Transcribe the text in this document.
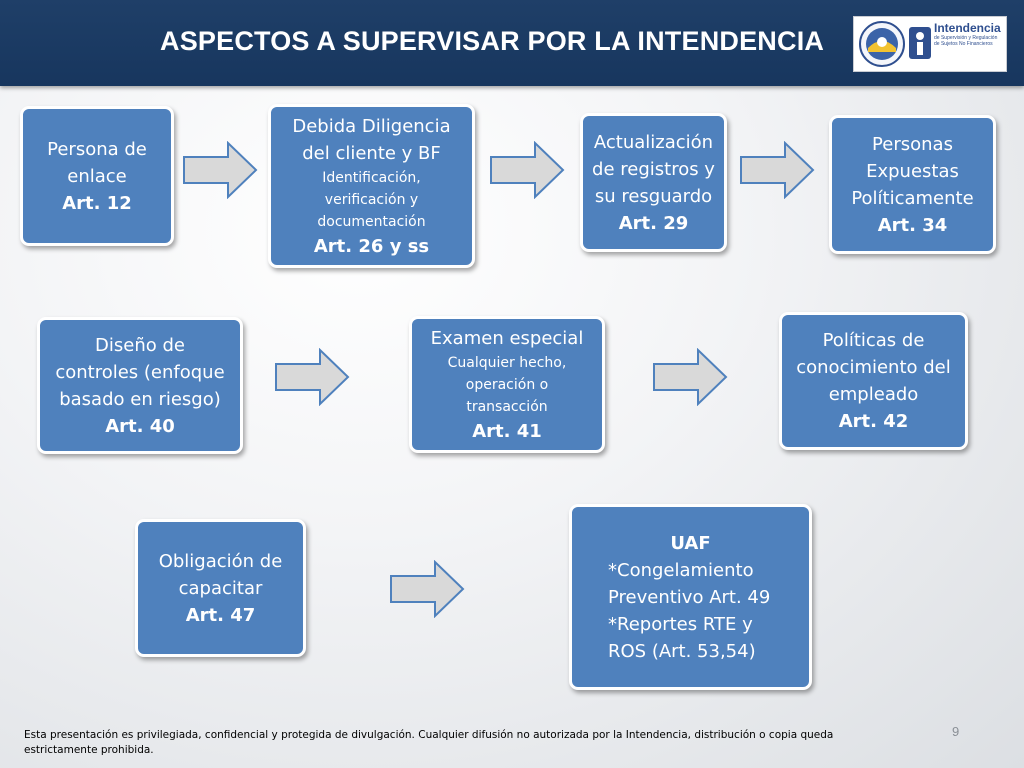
ASPECTOS A SUPERVISAR POR LA INTENDENCIA	Intendencia
de Supervisión y Regulación de Sujetos No Financieros
Persona de
enlace
Art. 12
Debida Diligencia
del cliente y BF
Identificación,
verificación y
documentación
Art. 26 y ss
Actualización
de registros y
su resguardo
Art. 29
Personas
Expuestas
Políticamente
Art. 34
Diseño de
controles (enfoque
basado en riesgo)
Art. 40
Examen especial
Cualquier hecho,
operación o
transacción
Art. 41
Políticas de
conocimiento del
empleado
Art. 42
Obligación de
capacitar
Art. 47
UAF
*Congelamiento
Preventivo Art. 49
*Reportes RTE y
ROS (Art. 53,54)
Esta presentación es privilegiada, confidencial y protegida de divulgación. Cualquier difusión no autorizada por la Intendencia, distribución o copia queda estrictamente prohibida.
9
